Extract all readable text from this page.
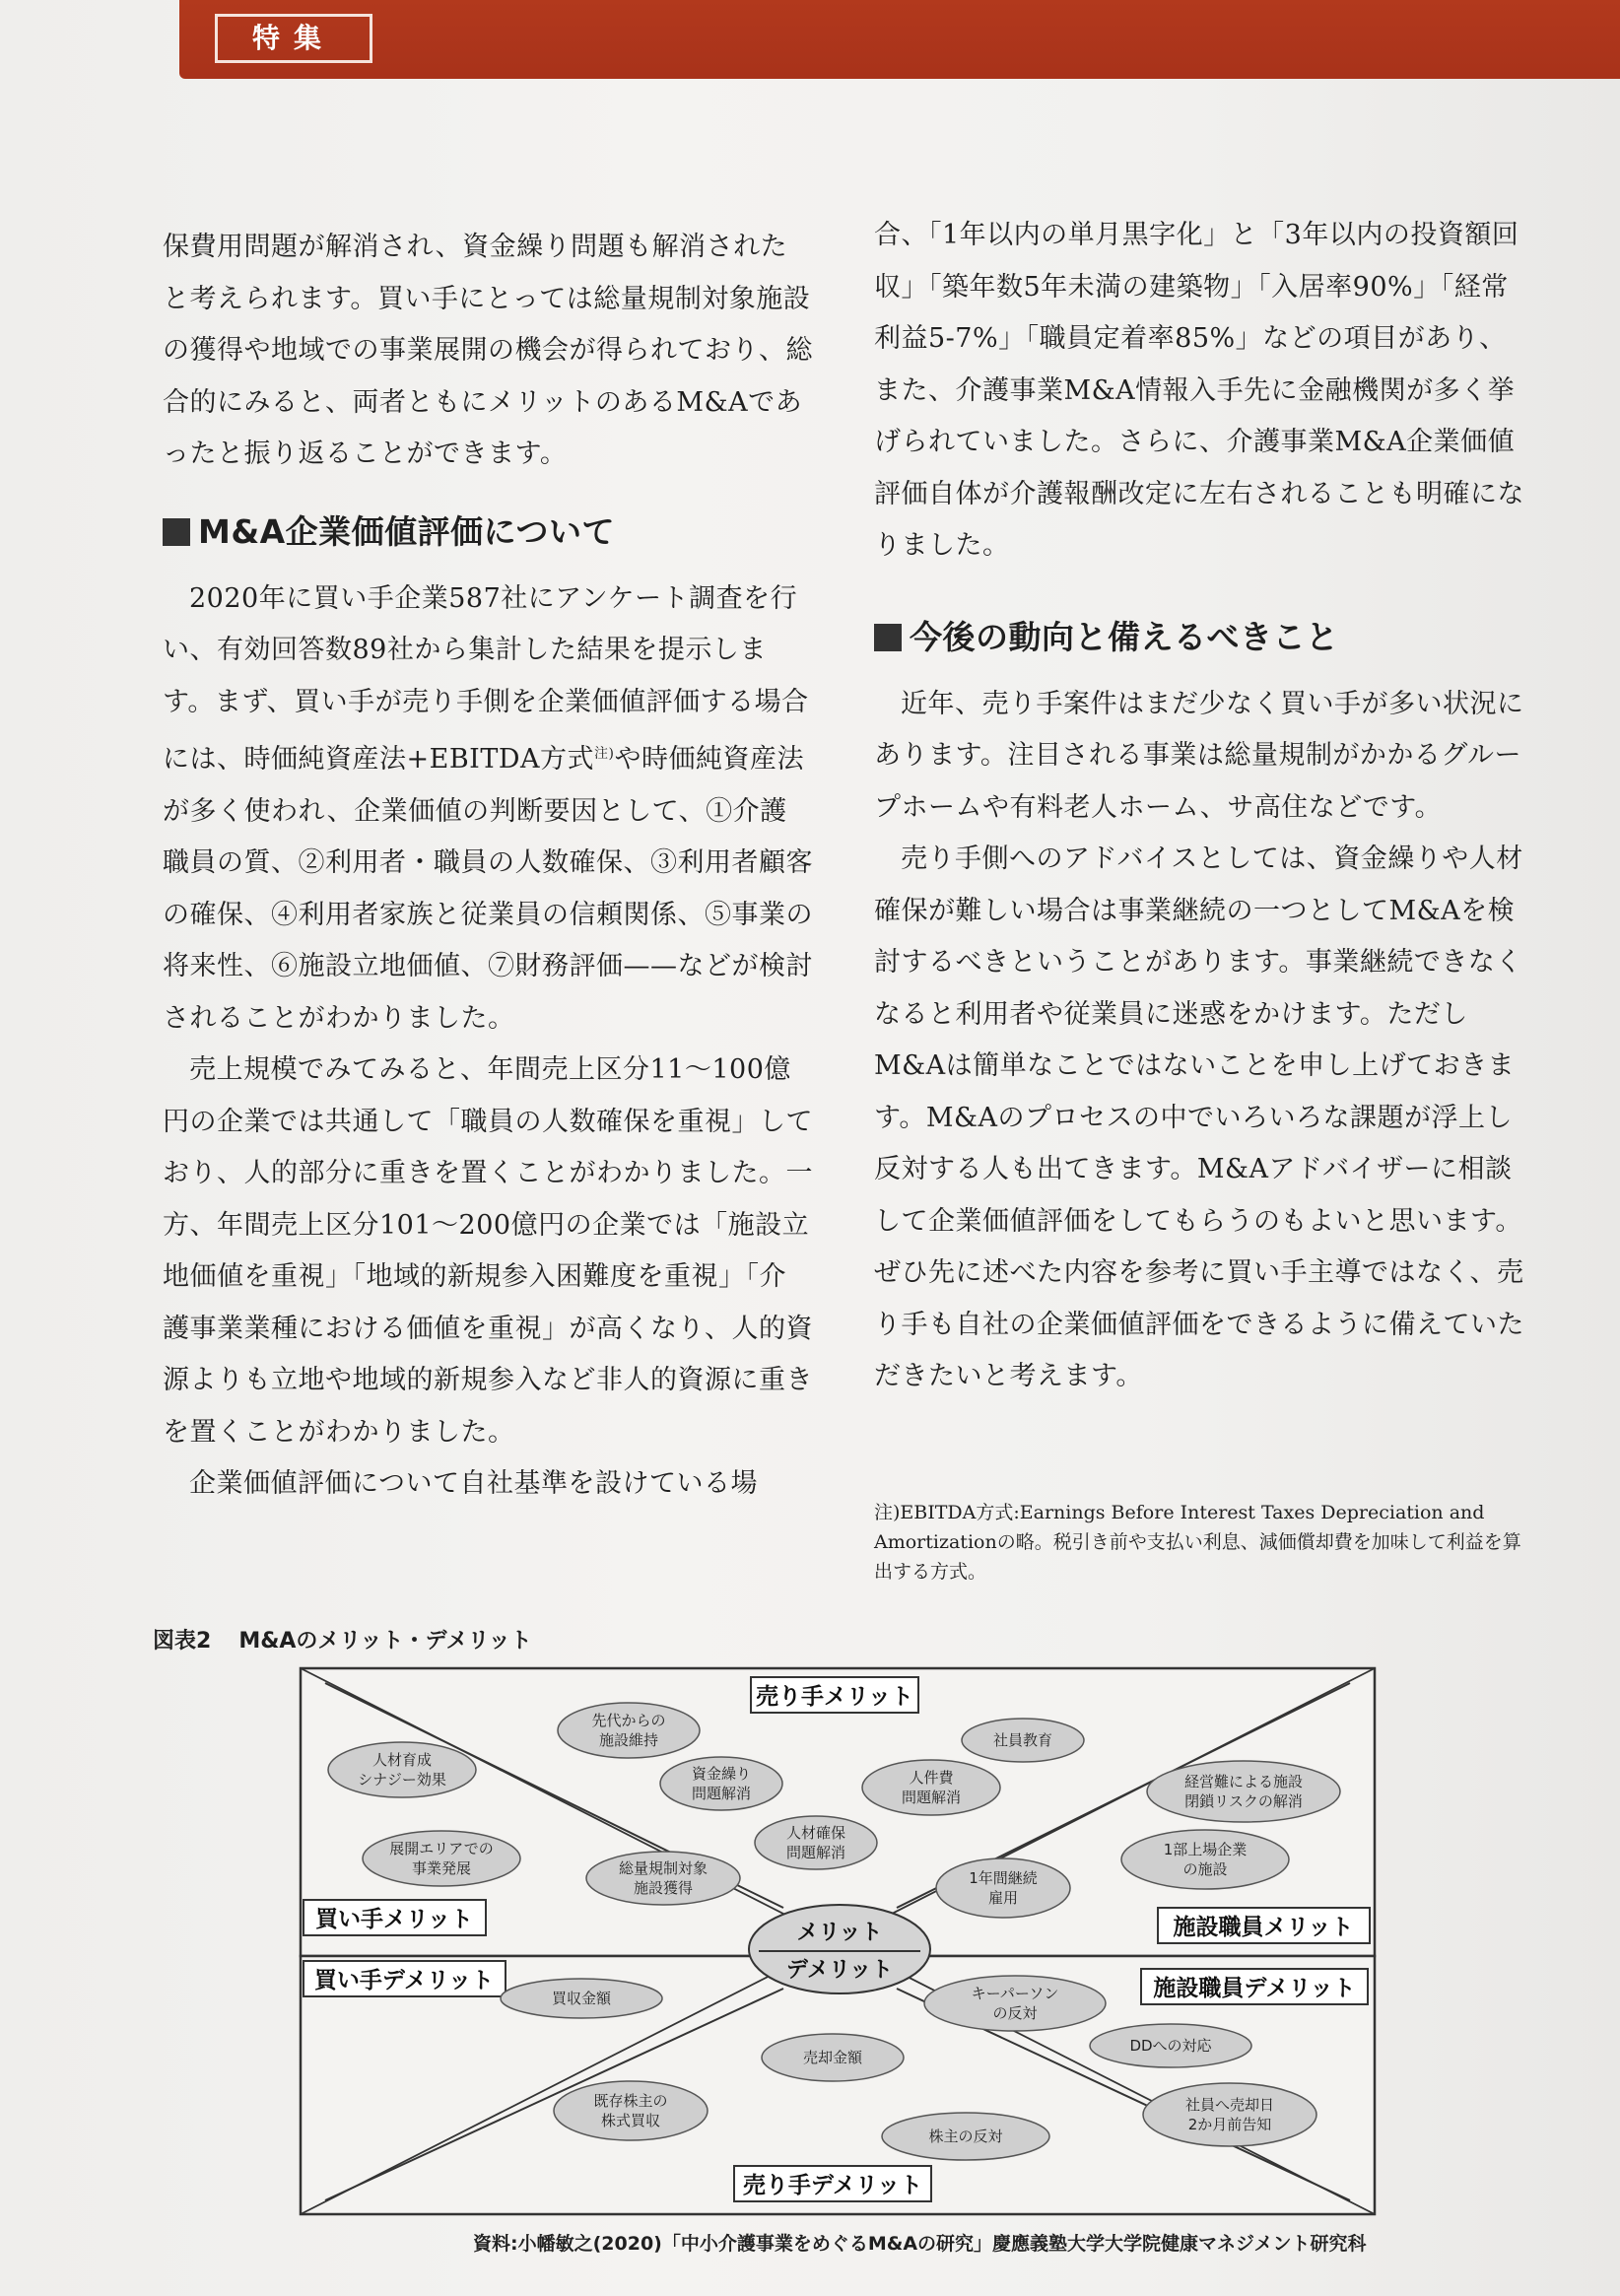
特集

保費用問題が解消され、資金繰り問題も解消されたと考えられます。買い手にとっては総量規制対象施設の獲得や地域での事業展開の機会が得られており、総合的にみると、両者ともにメリットのあるM&Aであったと振り返ることができます。

M&A企業価値評価について

2020年に買い手企業587社にアンケート調査を行い、有効回答数89社から集計した結果を提示します。まず、買い手が売り手側を企業価値評価する場合には、時価純資産法+EBITDA方式$^{注)}$や時価純資産法が多く使われ、企業価値の判断要因として、①介護職員の質、②利用者・職員の人数確保、③利用者顧客の確保、④利用者家族と従業員の信頼関係、⑤事業の将来性、⑥施設立地価値、⑦財務評価——などが検討されることがわかりました。

売上規模でみてみると、年間売上区分11〜100億円の企業では共通して「職員の人数確保を重視」しており、人的部分に重きを置くことがわかりました。一方、年間売上区分101〜200億円の企業では「施設立地価値を重視」「地域的新規参入困難度を重視」「介護事業業種における価値を重視」が高くなり、人的資源よりも立地や地域的新規参入など非人的資源に重きを置くことがわかりました。

企業価値評価について自社基準を設けている場

合、「1年以内の単月黒字化」と「3年以内の投資額回収」「築年数5年未満の建築物」「入居率90%」「経常利益5-7%」「職員定着率85%」などの項目があり、また、介護事業M&A情報入手先に金融機関が多く挙げられていました。さらに、介護事業M&A企業価値評価自体が介護報酬改定に左右されることも明確になりました。

今後の動向と備えるべきこと

近年、売り手案件はまだ少なく買い手が多い状況にあります。注目される事業は総量規制がかかるグループホームや有料老人ホーム、サ高住などです。

売り手側へのアドバイスとしては、資金繰りや人材確保が難しい場合は事業継続の一つとしてM&Aを検討するべきということがあります。事業継続できなくなると利用者や従業員に迷惑をかけます。ただしM&Aは簡単なことではないことを申し上げておきます。M&Aのプロセスの中でいろいろな課題が浮上し反対する人も出てきます。M&Aアドバイザーに相談して企業価値評価をしてもらうのもよいと思います。ぜひ先に述べた内容を参考に買い手主導ではなく、売り手も自社の企業価値評価をできるように備えていただきたいと考えます。

注)EBITDA方式:Earnings Before Interest Taxes Depreciation and Amortizationの略。税引き前や支払い利息、減価償却費を加味して利益を算出する方式。
図表2 M&Aのメリット・デメリット
メリット
デメリット
売り手メリット
買い手メリット	施設職員メリット
買い手デメリット	施設職員デメリット
売り手デメリット
先代からの
施設維持
人材育成
シナジー効果	資金繰り
問題解消
社員教育
人件費
問題解消
経営難による施設
閉鎖リスクの解消
人材確保
問題解消
展開エリアでの
事業発展	総量規制対象
施設獲得
1年間継続
雇用
1部上場企業
の施設
買収金額	キーパーソン
の反対
DDへの対応
売却金額
既存株主の
株式買収
株主の反対
社員へ売却日
2か月前告知
資料:小幡敏之(2020)「中小介護事業をめぐるM&Aの研究」慶應義塾大学大学院健康マネジメント研究科
